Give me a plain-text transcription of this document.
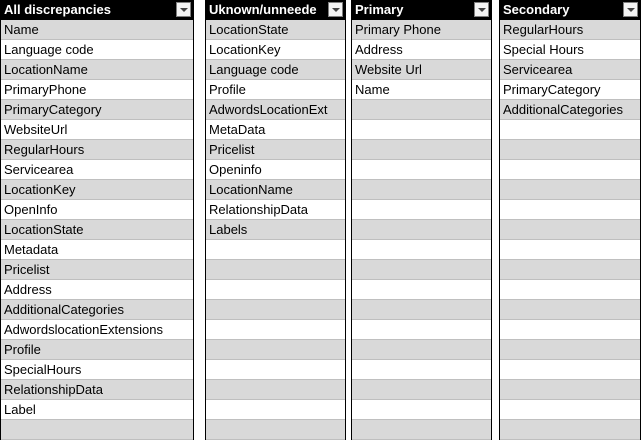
All discrepancies
Name
Language code
LocationName
PrimaryPhone
PrimaryCategory
WebsiteUrl
RegularHours
Servicearea
LocationKey
OpenInfo
LocationState
Metadata
Pricelist
Address
AdditionalCategories
AdwordslocationExtensions
Profile
SpecialHours
RelationshipData
Label
Uknown/unneede
LocationState
LocationKey
Language code
Profile
AdwordsLocationExt
MetaData
Pricelist
Openinfo
LocationName
RelationshipData
Labels
Primary
Primary Phone
Address
Website Url
Name
Secondary
RegularHours
Special Hours
Servicearea
PrimaryCategory
AdditionalCategories
